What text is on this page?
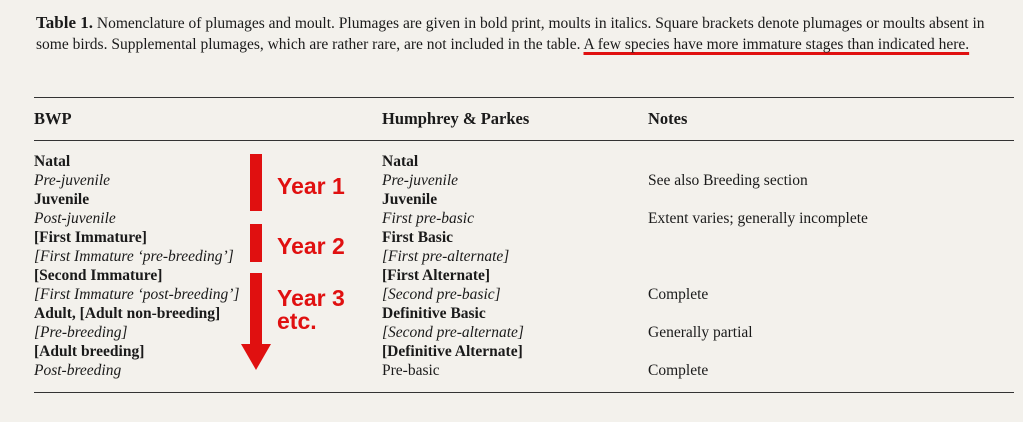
Table 1. Nomenclature of plumages and moult. Plumages are given in bold print, moults in italics. Square brackets denote plumages or moults absent in some birds. Supplemental plumages, which are rather rare, are not included in the table. A few species have more immature stages than indicated here.
BWP	Humphrey & Parkes	Notes
Natal
Pre-juvenile
Juvenile
Post-juvenile
[First Immature]
[First Immature ‘pre-breeding’]
[Second Immature]
[First Immature ‘post-breeding’]
Adult, [Adult non-breeding]
[Pre-breeding]
[Adult breeding]
Post-breeding
Natal
Pre-juvenile
Juvenile
First pre-basic
First Basic
[First pre-alternate]
[First Alternate]
[Second pre-basic]
Definitive Basic
[Second pre-alternate]
[Definitive Alternate]
Pre-basic
See also Breeding section
Extent varies; generally incomplete
Complete
Generally partial
Complete
Year 1
Year 2
Year 3
etc.
